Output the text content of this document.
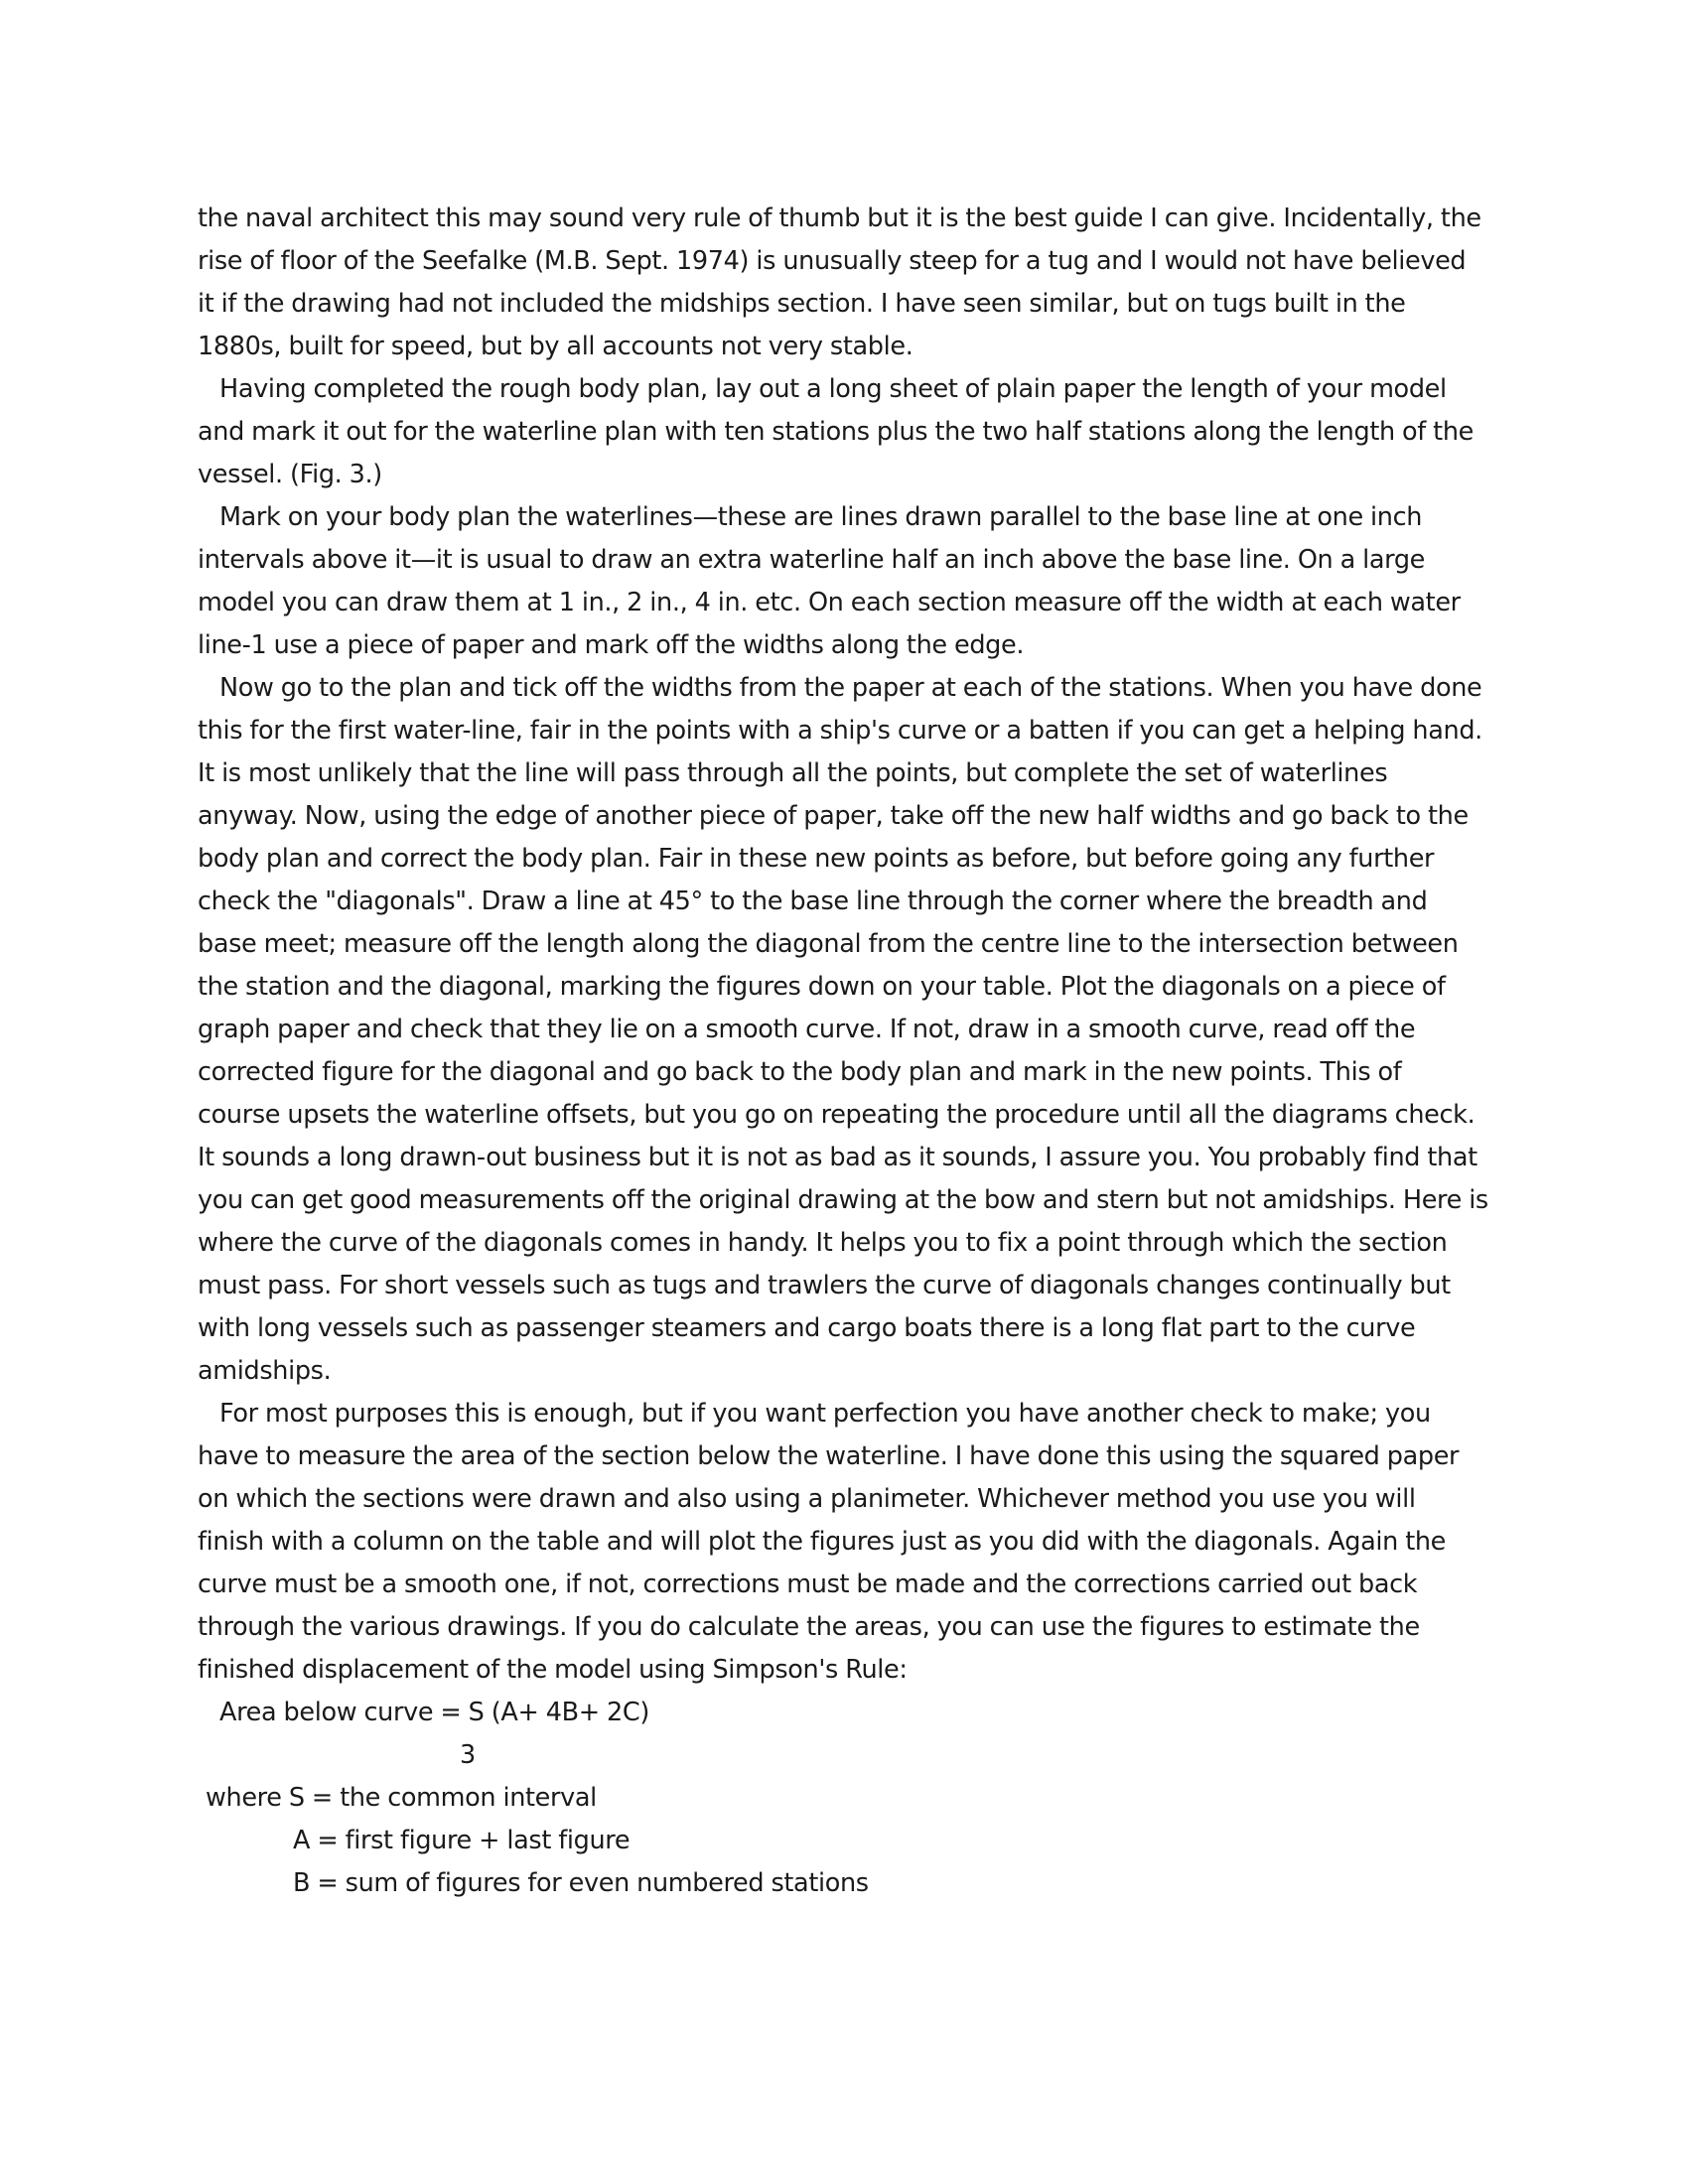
the naval architect this may sound very rule of thumb but it is the best guide I can give. Incidentally, the rise of floor of the Seefalke (M.B. Sept. 1974) is unusually steep for a tug and I would not have believed it if the drawing had not included the midships section. I have seen similar, but on tugs built in the 1880s, built for speed, but by all accounts not very stable.

Having completed the rough body plan, lay out a long sheet of plain paper the length of your model and mark it out for the waterline plan with ten stations plus the two half stations along the length of the vessel. (Fig. 3.)

Mark on your body plan the waterlines—these are lines drawn parallel to the base line at one inch intervals above it—it is usual to draw an extra waterline half an inch above the base line. On a large model you can draw them at 1 in., 2 in., 4 in. etc. On each section measure off the width at each water line-1 use a piece of paper and mark off the widths along the edge.

Now go to the plan and tick off the widths from the paper at each of the stations. When you have done this for the first water-line, fair in the points with a ship's curve or a batten if you can get a helping hand. It is most unlikely that the line will pass through all the points, but complete the set of waterlines anyway. Now, using the edge of another piece of paper, take off the new half widths and go back to the body plan and correct the body plan. Fair in these new points as before, but before going any further check the "diagonals". Draw a line at 45° to the base line through the corner where the breadth and base meet; measure off the length along the diagonal from the centre line to the intersection between the station and the diagonal, marking the figures down on your table. Plot the diagonals on a piece of graph paper and check that they lie on a smooth curve. If not, draw in a smooth curve, read off the corrected figure for the diagonal and go back to the body plan and mark in the new points. This of course upsets the waterline offsets, but you go on repeating the procedure until all the diagrams check. It sounds a long drawn-out business but it is not as bad as it sounds, I assure you. You probably find that you can get good measurements off the original drawing at the bow and stern but not amidships. Here is where the curve of the diagonals comes in handy. It helps you to fix a point through which the section must pass. For short vessels such as tugs and trawlers the curve of diagonals changes continually but with long vessels such as passenger steamers and cargo boats there is a long flat part to the curve amidships.

For most purposes this is enough, but if you want perfection you have another check to make; you have to measure the area of the section below the waterline. I have done this using the squared paper on which the sections were drawn and also using a planimeter. Whichever method you use you will finish with a column on the table and will plot the figures just as you did with the diagonals. Again the curve must be a smooth one, if not, corrections must be made and the corrections carried out back through the various drawings. If you do calculate the areas, you can use the figures to estimate the finished displacement of the model using Simpson's Rule:

Area below curve = S (A+ 4B+ 2C)

3

where S = the common interval

A = first figure + last figure

B = sum of figures for even numbered stations
